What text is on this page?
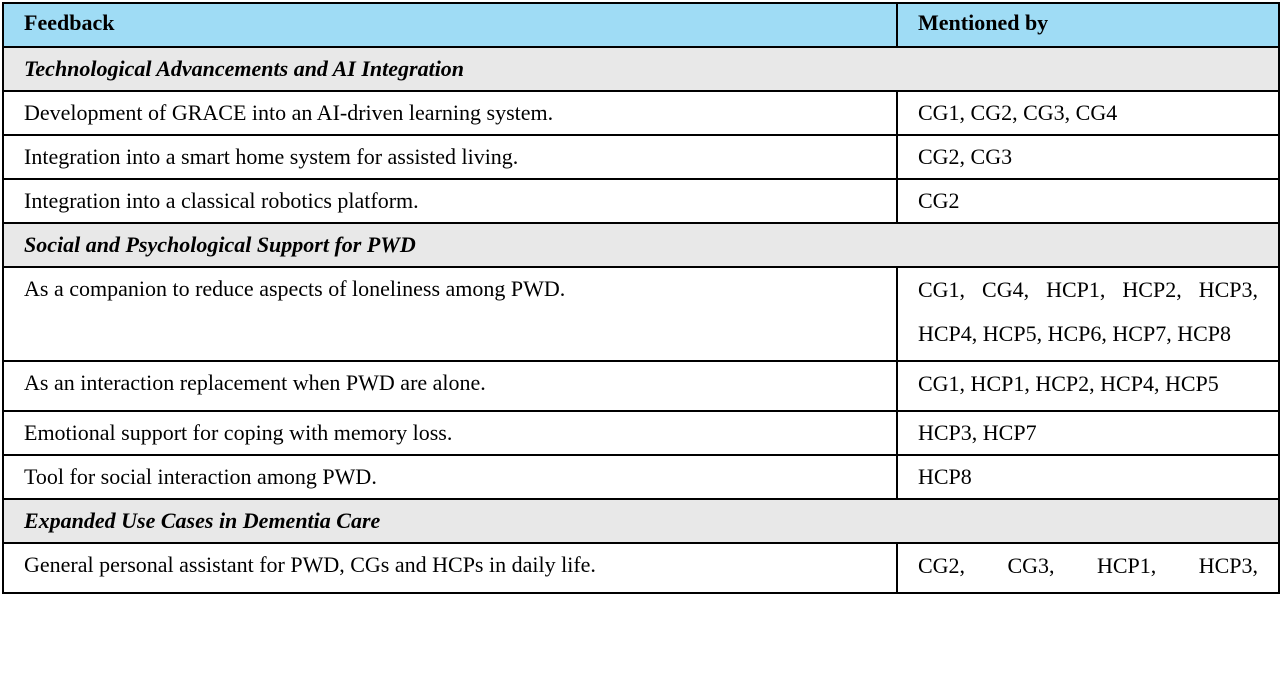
Feedback	Mentioned by
Technological Advancements and AI Integration	
Development of GRACE into an AI-driven learning system.	CG1, CG2, CG3, CG4
Integration into a smart home system for assisted living.	CG2, CG3
Integration into a classical robotics platform.	CG2
Social and Psychological Support for PWD	
As a companion to reduce aspects of loneliness among PWD.	CG1, CG4, HCP1, HCP2, HCP3, HCP4, HCP5, HCP6, HCP7, HCP8
As an interaction replacement when PWD are alone.	CG1, HCP1, HCP2, HCP4, HCP5
Emotional support for coping with memory loss.	HCP3, HCP7
Tool for social interaction among PWD.	HCP8
Expanded Use Cases in Dementia Care	
General personal assistant for PWD, CGs and HCPs in daily life.	CG2, CG3, HCP1, HCP3,
